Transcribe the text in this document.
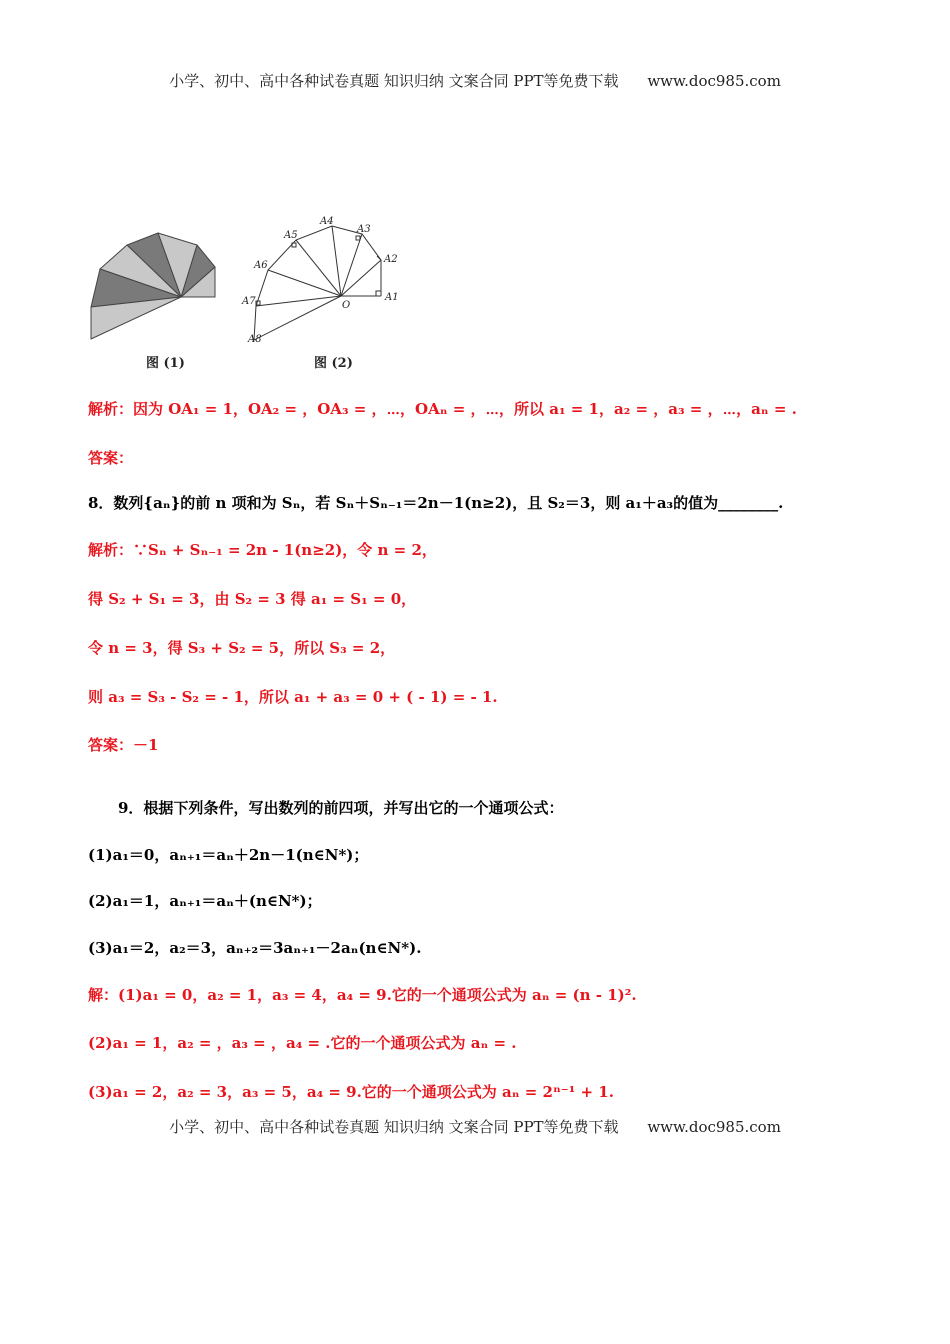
小学、初中、高中各种试卷真题 知识归纳 文案合同 PPT等免费下载 www.doc985.com
图 (1)
O
A1
A2
A3
A4
A5
A6
A7
A8
图 (2)
解析：因为 OA₁ = 1，OA₂ = ，OA₃ = ，⋯，OAₙ = ，⋯，所以 a₁ = 1，a₂ = ，a₃ = ，⋯，aₙ = .
答案：
8．数列{aₙ}的前 n 项和为 Sₙ，若 Sₙ＋Sₙ₋₁＝2n－1(n≥2)，且 S₂＝3，则 a₁＋a₃的值为________.
解析：∵Sₙ + Sₙ₋₁ = 2n - 1(n≥2)，令 n = 2，
得 S₂ + S₁ = 3，由 S₂ = 3 得 a₁ = S₁ = 0，
令 n = 3，得 S₃ + S₂ = 5，所以 S₃ = 2，
则 a₃ = S₃ - S₂ = - 1，所以 a₁ + a₃ = 0 + ( - 1) = - 1.
答案：－1
9．根据下列条件，写出数列的前四项，并写出它的一个通项公式：
(1)a₁＝0，aₙ₊₁＝aₙ＋2n－1(n∈N*)；
(2)a₁＝1，aₙ₊₁＝aₙ＋(n∈N*)；
(3)a₁＝2，a₂＝3，aₙ₊₂＝3aₙ₊₁－2aₙ(n∈N*).
解：(1)a₁ = 0，a₂ = 1，a₃ = 4，a₄ = 9.它的一个通项公式为 aₙ = (n - 1)².
(2)a₁ = 1，a₂ = ，a₃ = ，a₄ = .它的一个通项公式为 aₙ = .
(3)a₁ = 2，a₂ = 3，a₃ = 5，a₄ = 9.它的一个通项公式为 aₙ = 2ⁿ⁻¹ + 1.
小学、初中、高中各种试卷真题 知识归纳 文案合同 PPT等免费下载 www.doc985.com
